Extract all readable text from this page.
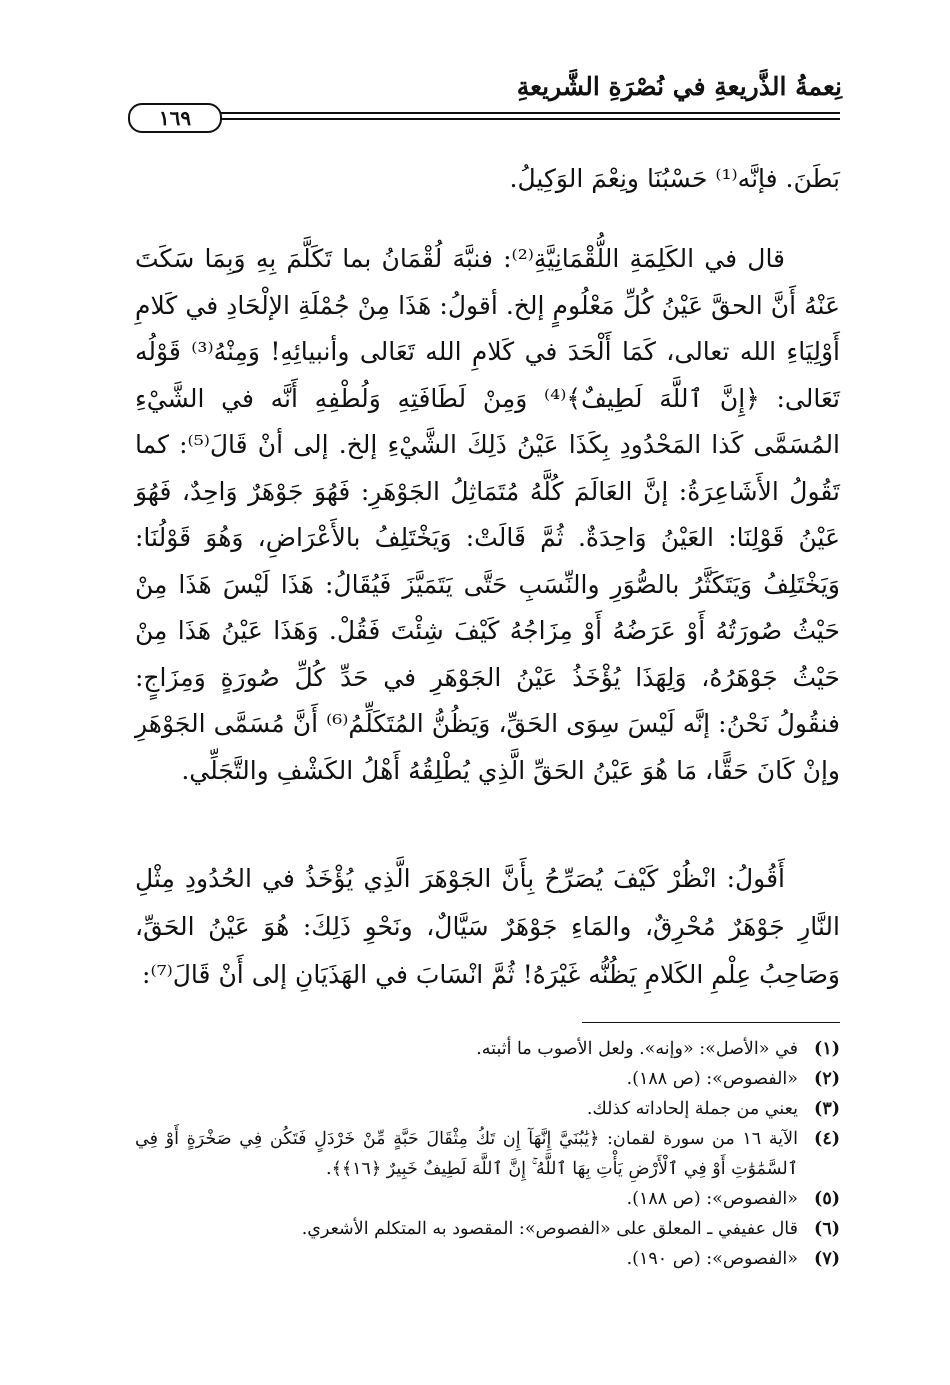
نِعمةُ الذَّريعةِ في نُصْرَةِ الشَّريعةِ
١٦٩

بَطَنَ. فإنَّه⁽¹⁾ حَسْبُنَا ونِعْمَ الوَكِيلُ.

قال في الكَلِمَةِ اللُّقْمَانِيَّةِ⁽²⁾: فنبَّهَ لُقْمَانُ بما تَكَلَّمَ بِهِ وَبِمَا سَكَتَ عَنْهُ أَنَّ الحقَّ عَيْنُ كُلِّ مَعْلُومٍ إلخ. أقولُ: هَذَا مِنْ جُمْلَةِ الإلْحَادِ في كَلامِ أَوْلِيَاءِ الله تعالى، كَمَا أَلْحَدَ في كَلامِ الله تَعَالى وأنبيائِهِ! وَمِنْهُ⁽³⁾ قَوْلُه تَعَالى: ﴿إِنَّ ٱللَّهَ لَطِيفٌ﴾⁽⁴⁾ وَمِنْ لَطَافَتِهِ وَلُطْفِهِ أَنَّه في الشَّيْءِ المُسَمَّى كَذا المَحْدُودِ بِكَذَا عَيْنُ ذَلِكَ الشَّيْءِ إلخ. إلى أنْ قَالَ⁽⁵⁾: كما تَقُولُ الأَشَاعِرَةُ: إنَّ العَالَمَ كُلَّهُ مُتَمَاثِلُ الجَوْهَرِ: فَهُوَ جَوْهَرٌ وَاحِدٌ، فَهُوَ عَيْنُ قَوْلِنَا: العَيْنُ وَاحِدَةٌ. ثُمَّ قَالَتْ: وَيَخْتَلِفُ بالأَعْرَاضِ، وَهُوَ قَوْلُنَا: وَيَخْتَلِفُ وَيَتَكَثَّرُ بالصُّوَرِ والنِّسَبِ حَتَّى يَتَمَيَّزَ فَيُقَالُ: هَذَا لَيْسَ هَذَا مِنْ حَيْثُ صُورَتُهُ أَوْ عَرَضُهُ أَوْ مِزَاجُهُ كَيْفَ شِئْتَ فَقُلْ. وَهَذَا عَيْنُ هَذَا مِنْ حَيْثُ جَوْهَرُهُ، وَلِهَذَا يُؤْخَذُ عَيْنُ الجَوْهَرِ في حَدِّ كُلِّ صُورَةٍ وَمِزَاجٍ: فنقُولُ نَحْنُ: إنَّه لَيْسَ سِوَى الحَقِّ، وَيَظُنُّ المُتَكَلِّمُ⁽⁶⁾ أَنَّ مُسَمَّى الجَوْهَرِ وإنْ كَانَ حَقًّا، مَا هُوَ عَيْنُ الحَقِّ الَّذِي يُطْلِقُهُ أَهْلُ الكَشْفِ والتَّجَلِّي.

أَقُولُ: انْظُرْ كَيْفَ يُصَرِّحُ بِأَنَّ الجَوْهَرَ الَّذِي يُؤْخَذُ في الحُدُودِ مِثْلِ النَّارِ جَوْهَرٌ مُحْرِقٌ، والمَاءِ جَوْهَرٌ سَيَّالٌ، ونَحْوِ ذَلِكَ: هُوَ عَيْنُ الحَقِّ، وَصَاحِبُ عِلْمِ الكَلامِ يَظُنُّه غَيْرَهُ! ثُمَّ انْسَابَ في الهَذَيَانِ إلى أَنْ قَالَ⁽⁷⁾:

(١)
في «الأصل»: «وإنه». ولعل الأصوب ما أثبته.
(٢)
«الفصوص»: (ص ١٨٨).
(٣)
يعني من جملة إلحاداته كذلك.
(٤)
الآية ١٦ من سورة لقمان: ﴿يَٰبُنَيَّ إِنَّهَآ إِن تَكُ مِثْقَالَ حَبَّةٍ مِّنْ خَرْدَلٍ فَتَكُن فِي صَخْرَةٍ أَوْ فِي ٱلسَّمَٰوَٰتِ أَوْ فِي ٱلْأَرْضِ يَأْتِ بِهَا ٱللَّهُ ۚ إِنَّ ٱللَّهَ لَطِيفٌ خَبِيرٌ ﴿١٦﴾﴾.
(٥)
«الفصوص»: (ص ١٨٨).
(٦)
قال عفيفي ـ المعلق على «الفصوص»: المقصود به المتكلم الأشعري.
(٧)
«الفصوص»: (ص ١٩٠).
